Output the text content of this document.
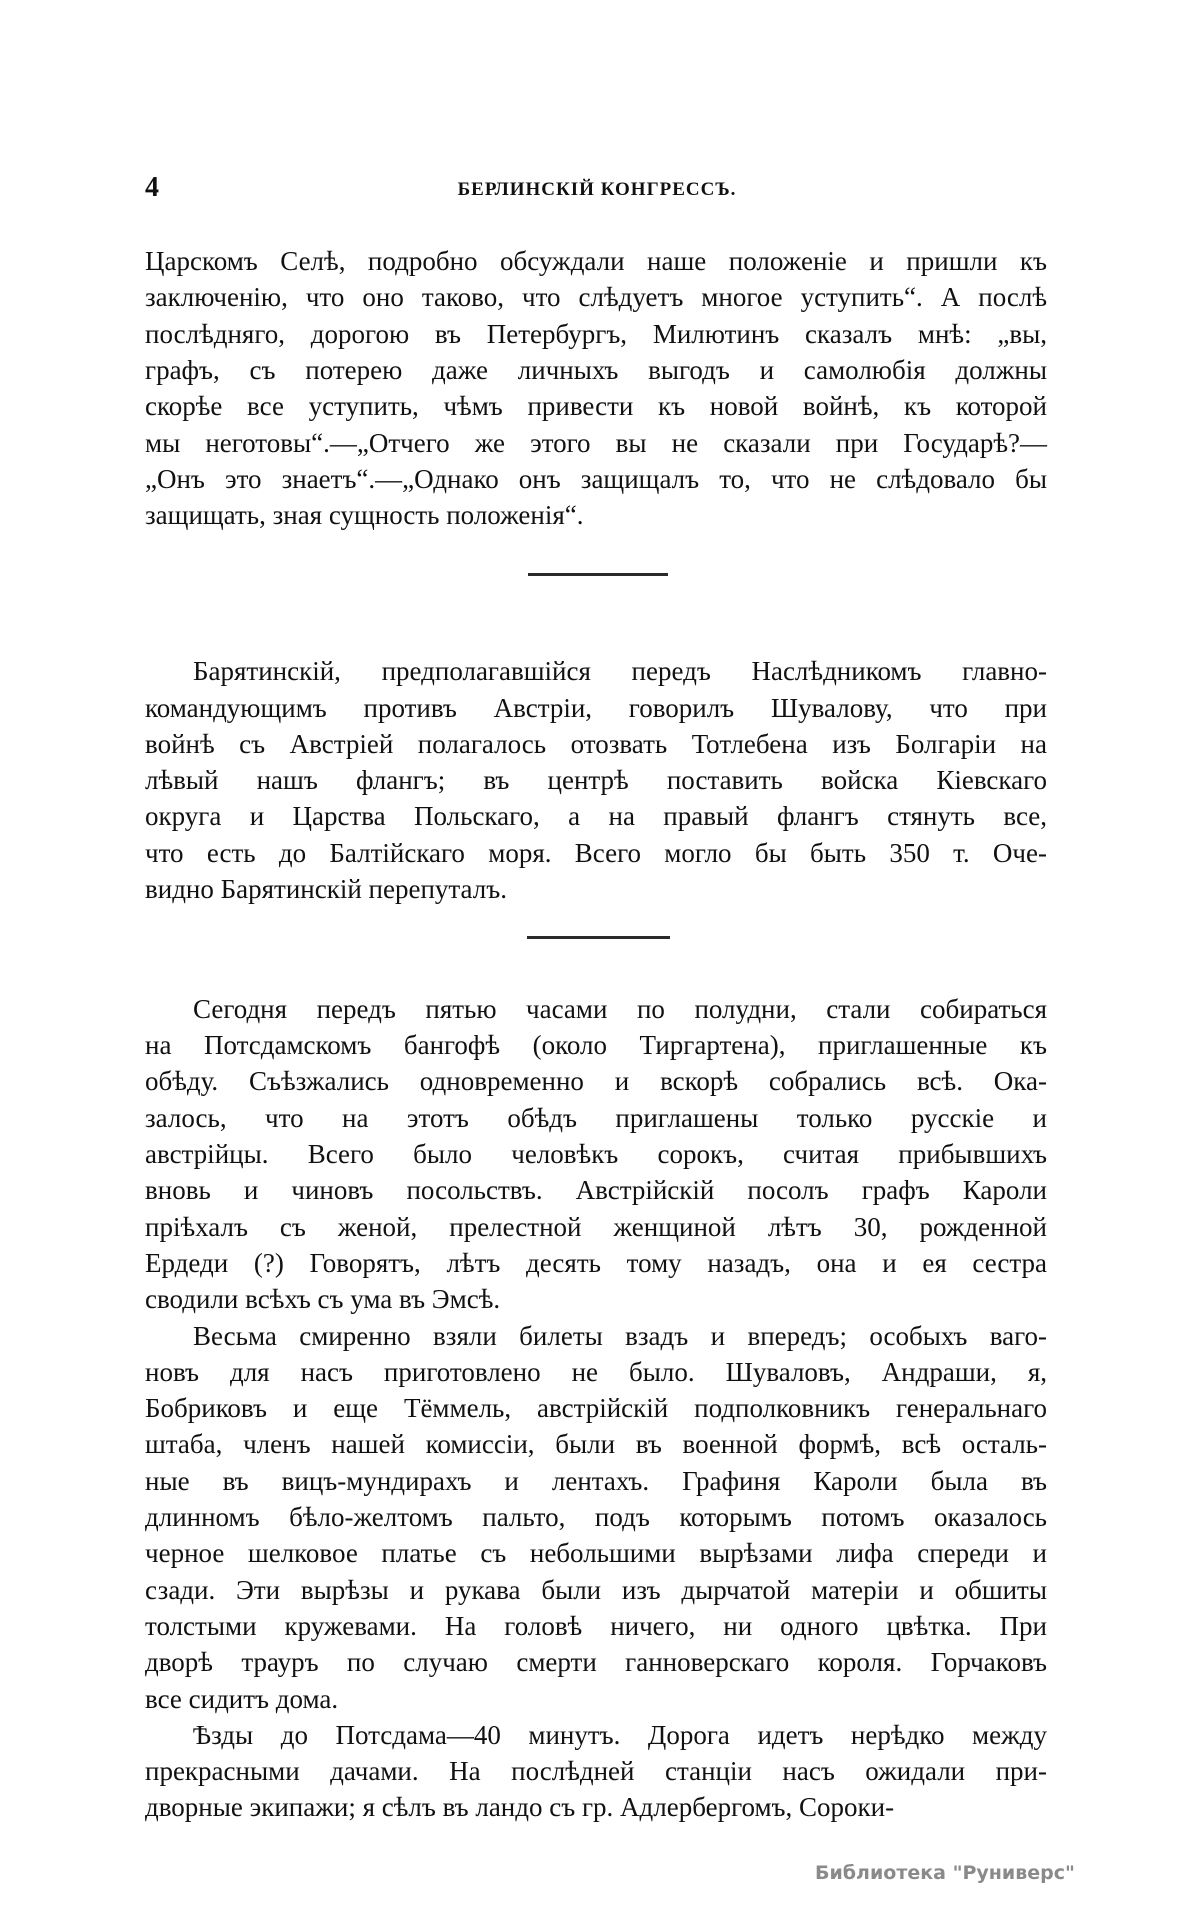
4	БЕРЛИНСКІЙ КОНГРЕССЪ.
Царскомъ Селѣ, подробно обсуждали наше положеніе и пришли къ
заключенію, что оно таково, что слѣдуетъ многое уступить“. А послѣ
послѣдняго, дорогою въ Петербургъ, Милютинъ сказалъ мнѣ: „вы,
графъ, съ потерею даже личныхъ выгодъ и самолюбія должны
скорѣе все уступить, чѣмъ привести къ новой войнѣ, къ которой
мы неготовы“.—„Отчего же этого вы не сказали при Государѣ?—
„Онъ это знаетъ“.—„Однако онъ защищалъ то, что не слѣдовало бы
защищать, зная сущность положенія“.
Барятинскій, предполагавшійся передъ Наслѣдникомъ главно-
командующимъ противъ Австріи, говорилъ Шувалову, что при
войнѣ съ Австріей полагалось отозвать Тотлебена изъ Болгаріи на
лѣвый нашъ флангъ; въ центрѣ поставить войска Кіевскаго
округа и Царства Польскаго, а на правый флангъ стянуть все,
что есть до Балтійскаго моря. Всего могло бы быть 350 т. Оче-
видно Барятинскій перепуталъ.
Сегодня передъ пятью часами по полудни, стали собираться
на Потсдамскомъ бангофѣ (около Тиргартена), приглашенные къ
обѣду. Съѣзжались одновременно и вскорѣ собрались всѣ. Ока-
залось, что на этотъ обѣдъ приглашены только русскіе и
австрійцы. Всего было человѣкъ сорокъ, считая прибывшихъ
вновь и чиновъ посольствъ. Австрійскій посолъ графъ Кароли
пріѣхалъ съ женой, прелестной женщиной лѣтъ 30, рожденной
Ердеди (?) Говорятъ, лѣтъ десять тому назадъ, она и ея сестра
сводили всѣхъ съ ума въ Эмсѣ.
Весьма смиренно взяли билеты взадъ и впередъ; особыхъ ваго-
новъ для насъ приготовлено не было. Шуваловъ, Андраши, я,
Бобриковъ и еще Тёммель, австрійскій подполковникъ генеральнаго
штаба, членъ нашей комиссіи, были въ военной формѣ, всѣ осталь-
ные въ вицъ-мундирахъ и лентахъ. Графиня Кароли была въ
длинномъ бѣло-желтомъ пальто, подъ которымъ потомъ оказалось
черное шелковое платье съ небольшими вырѣзами лифа спереди и
сзади. Эти вырѣзы и рукава были изъ дырчатой матеріи и обшиты
толстыми кружевами. На головѣ ничего, ни одного цвѣтка. При
дворѣ трауръ по случаю смерти ганноверскаго короля. Горчаковъ
все сидитъ дома.
Ѣзды до Потсдама—40 минутъ. Дорога идетъ нерѣдко между
прекрасными дачами. На послѣдней станціи насъ ожидали при-
дворные экипажи; я сѣлъ въ ландо съ гр. Адлербергомъ, Сороки-
Библиотека "Руниверс"
